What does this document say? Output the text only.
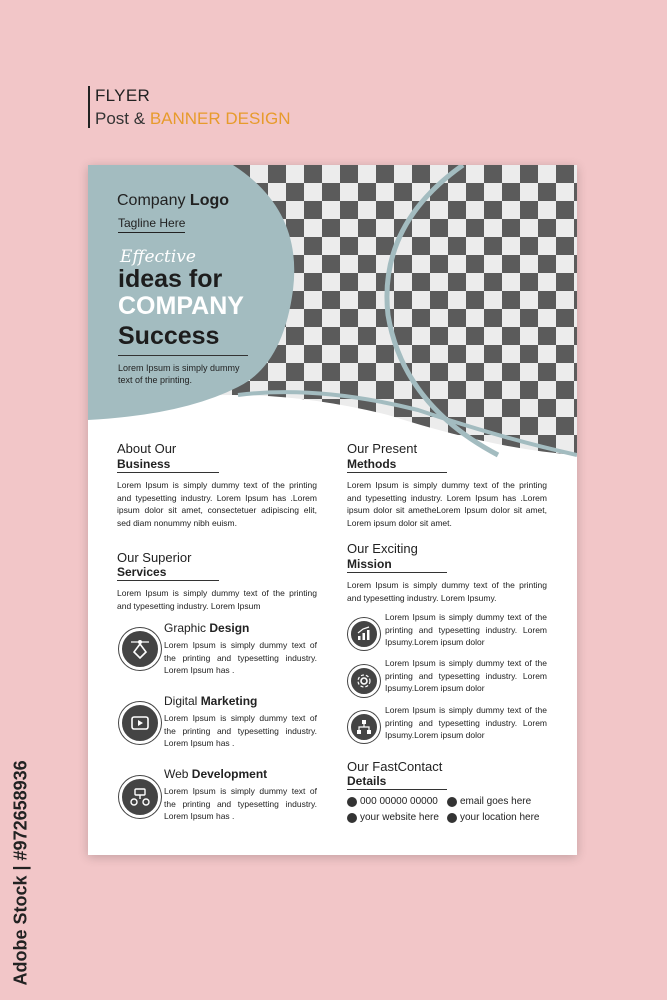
FLYER
Post & BANNER DESIGN
Adobe Stock | #972658936
Company Logo
Tagline Here
Effective
ideas for
COMPANY
Success
Lorem Ipsum is simply dummy text of the printing.
About Our
Business
Lorem Ipsum is simply dummy text of the printing and typesetting industry. Lorem Ipsum has .Lorem ipsum dolor sit amet, consectetuer adipiscing elit, sed diam nonummy nibh euism.
Our Superior
Services
Lorem Ipsum is simply dummy text of the printing and typesetting industry. Lorem Ipsum
Graphic Design
Lorem Ipsum is simply dummy text of the printing and typesetting industry. Lorem Ipsum has .
Digital Marketing
Lorem Ipsum is simply dummy text of the printing and typesetting industry. Lorem Ipsum has .
Web Development
Lorem Ipsum is simply dummy text of the printing and typesetting industry. Lorem Ipsum has .
Our Present
Methods
Lorem Ipsum is simply dummy text of the printing and typesetting industry. Lorem Ipsum has .Lorem ipsum dolor sit ametheLorem Ipsum dolor sit amet, Lorem ipsum dolor sit amet.
Our Exciting
Mission
Lorem Ipsum is simply dummy text of the printing and typesetting industry. Lorem Ipsumy.
Lorem Ipsum is simply dummy text of the printing and typesetting industry. Lorem Ipsumy.Lorem ipsum dolor
Lorem Ipsum is simply dummy text of the printing and typesetting industry. Lorem Ipsumy.Lorem ipsum dolor
Lorem Ipsum is simply dummy text of the printing and typesetting industry. Lorem Ipsumy.Lorem ipsum dolor
Our FastContact
Details
000 00000 00000 email goes here
your website here your location here
